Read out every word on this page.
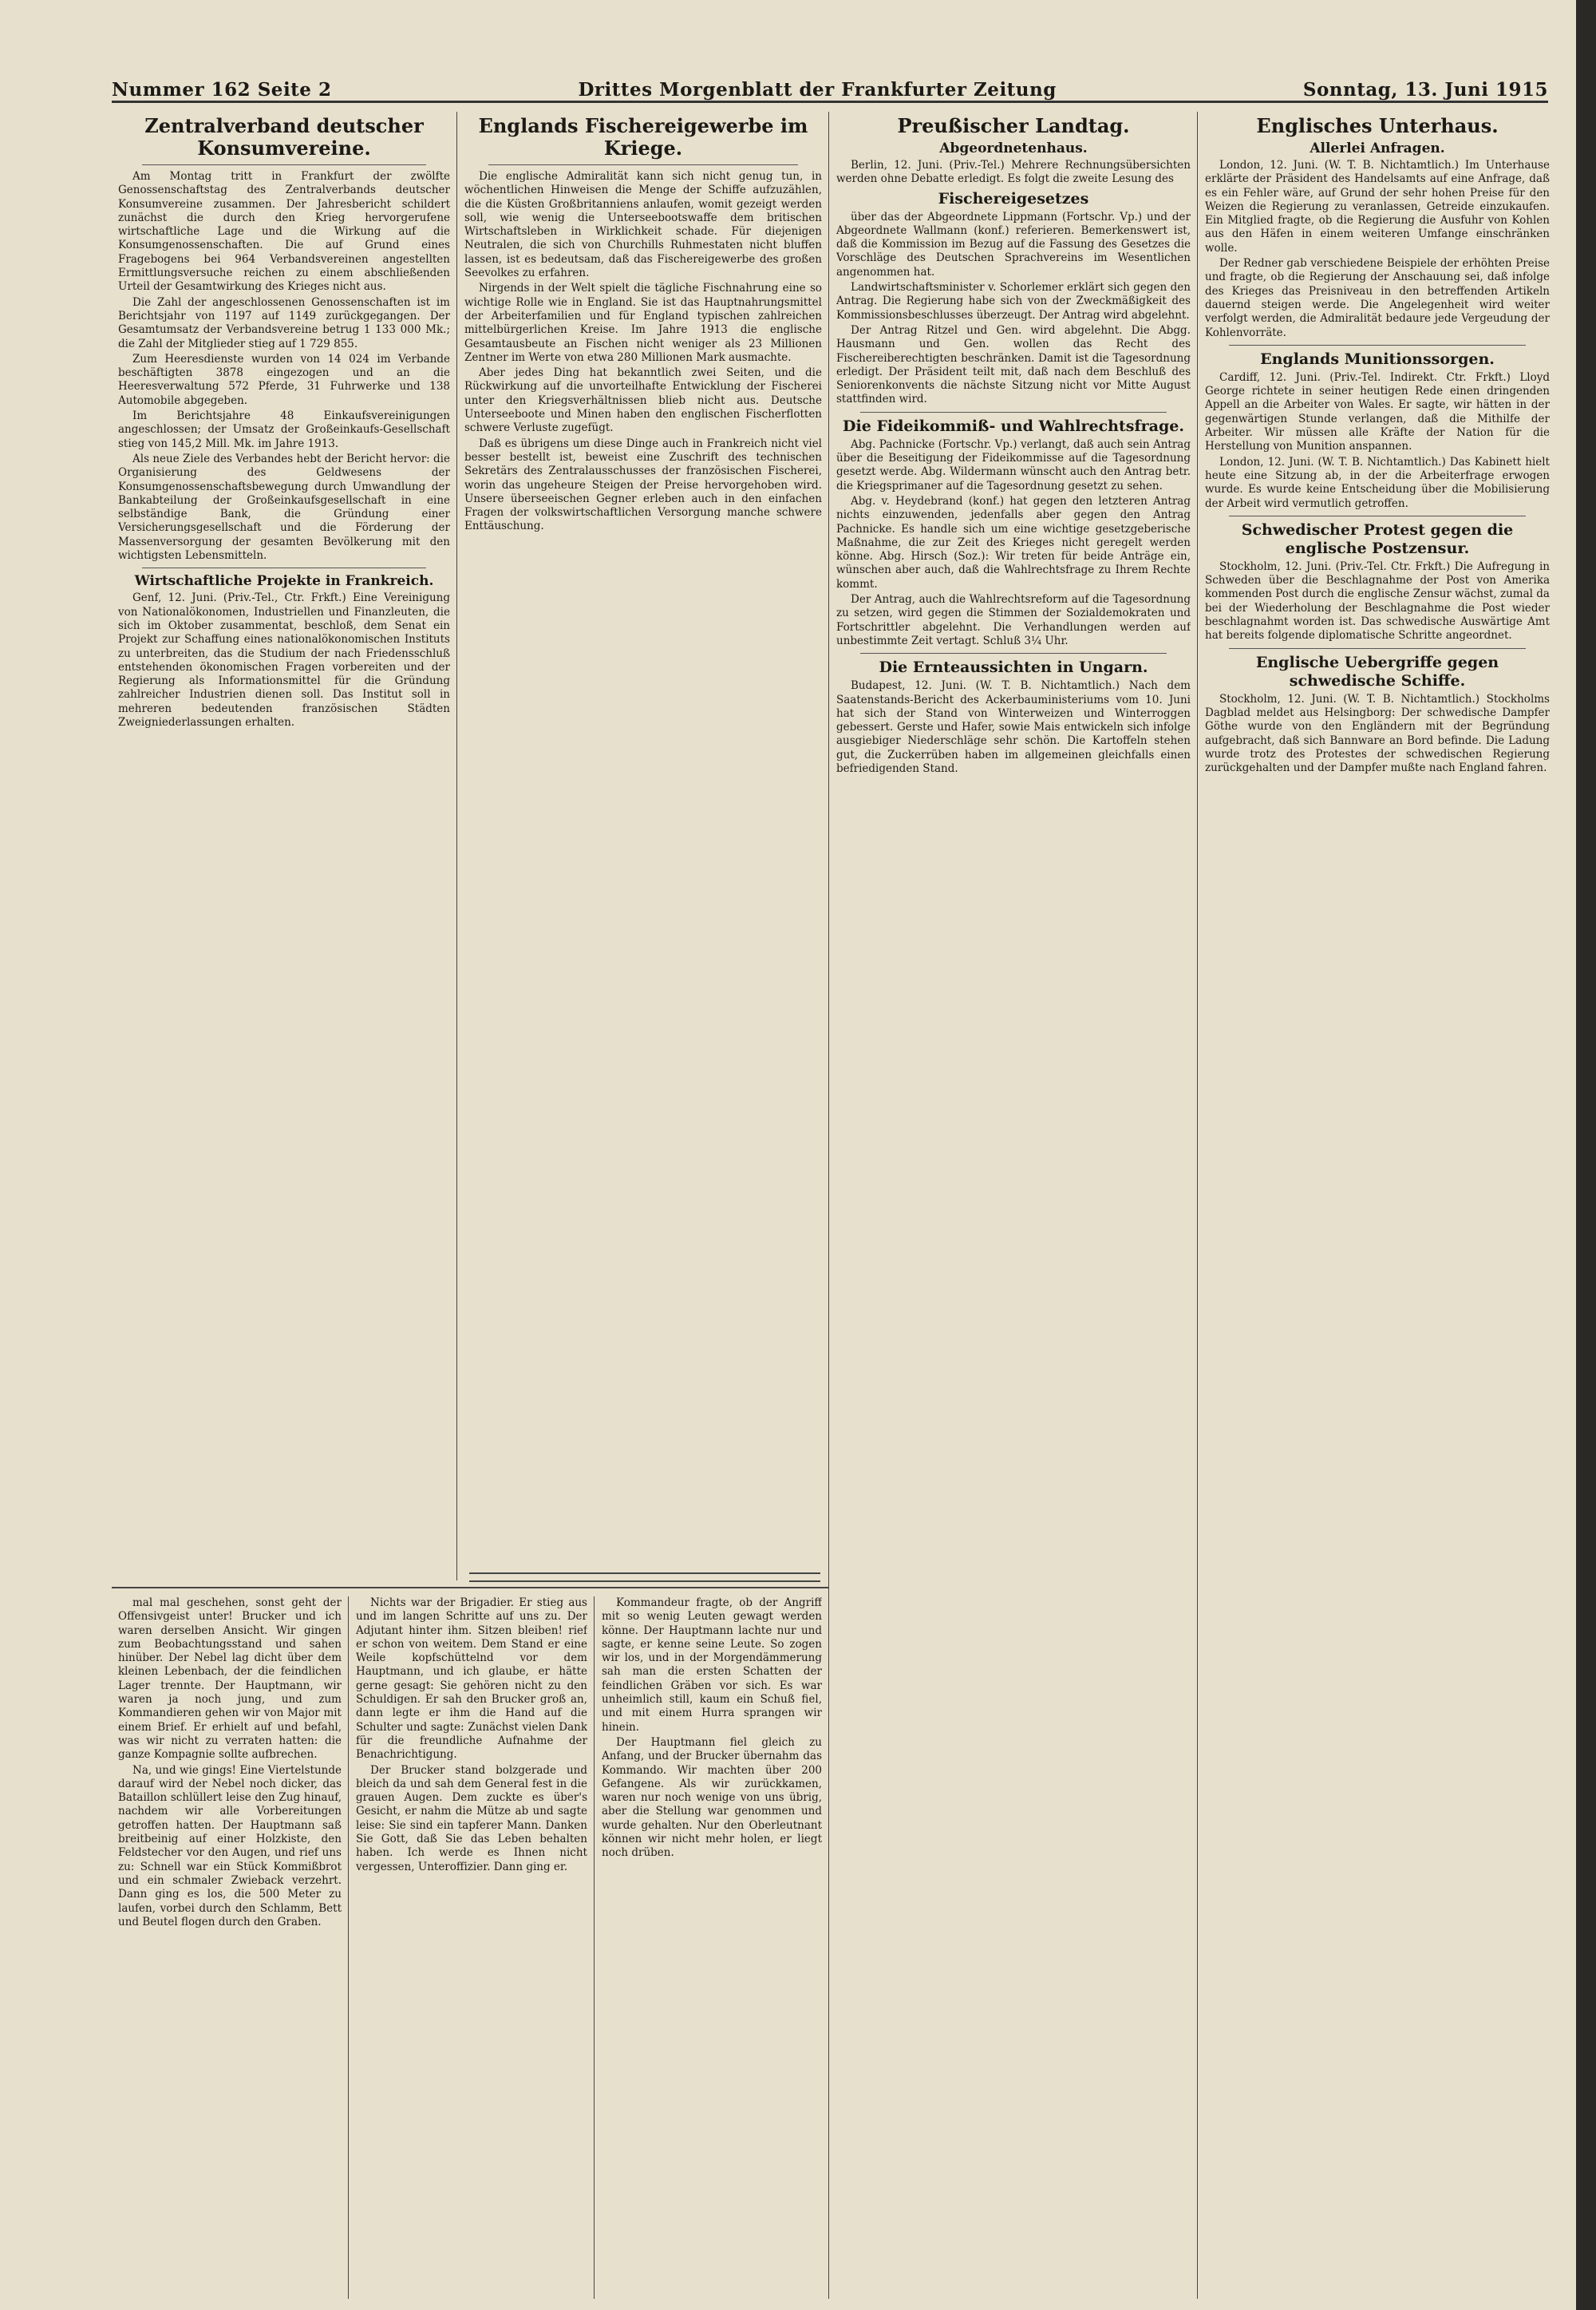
Nummer 162 Seite 2	Drittes Morgenblatt der Frankfurter Zeitung	Sonntag, 13. Juni 1915
Zentralverband deutscher Konsumvereine.

Am Montag tritt in Frankfurt der zwölfte Genossenschaftstag des Zentralverbands deutscher Konsumvereine zusammen. Der Jahresbericht schildert zunächst die durch den Krieg hervorgerufene wirtschaftliche Lage und die Wirkung auf die Konsumgenossenschaften. Die auf Grund eines Fragebogens bei 964 Verbandsvereinen angestellten Ermittlungsversuche reichen zu einem abschließenden Urteil der Gesamtwirkung des Krieges nicht aus.

Die Zahl der angeschlossenen Genossenschaften ist im Berichtsjahr von 1197 auf 1149 zurückgegangen. Der Gesamtumsatz der Verbandsvereine betrug 1 133 000 Mk.; die Zahl der Mitglieder stieg auf 1 729 855.

Zum Heeresdienste wurden von 14 024 im Verbande beschäftigten 3878 eingezogen und an die Heeresverwaltung 572 Pferde, 31 Fuhrwerke und 138 Automobile abgegeben.

Im Berichtsjahre 48 Einkaufsvereinigungen angeschlossen; der Umsatz der Großeinkaufs-Gesellschaft stieg von 145,2 Mill. Mk. im Jahre 1913.

Als neue Ziele des Verbandes hebt der Bericht hervor: die Organisierung des Geldwesens der Konsumgenossenschaftsbewegung durch Umwandlung der Bankabteilung der Großeinkaufsgesellschaft in eine selbständige Bank, die Gründung einer Versicherungsgesellschaft und die Förderung der Massenversorgung der gesamten Bevölkerung mit den wichtigsten Lebensmitteln.

Wirtschaftliche Projekte in Frankreich.

Genf, 12. Juni. (Priv.-Tel., Ctr. Frkft.) Eine Vereinigung von Nationalökonomen, Industriellen und Finanzleuten, die sich im Oktober zusammentat, beschloß, dem Senat ein Projekt zur Schaffung eines nationalökonomischen Instituts zu unterbreiten, das die Studium der nach Friedensschluß entstehenden ökonomischen Fragen vorbereiten und der Regierung als Informationsmittel für die Gründung zahlreicher Industrien dienen soll. Das Institut soll in mehreren bedeutenden französischen Städten Zweigniederlassungen erhalten.

Englands Fischereigewerbe im Kriege.

Die englische Admiralität kann sich nicht genug tun, in wöchentlichen Hinweisen die Menge der Schiffe aufzuzählen, die die Küsten Großbritanniens anlaufen, womit gezeigt werden soll, wie wenig die Unterseebootswaffe dem britischen Wirtschaftsleben in Wirklichkeit schade. Für diejenigen Neutralen, die sich von Churchills Ruhmestaten nicht bluffen lassen, ist es bedeutsam, daß das Fischereigewerbe des großen Seevolkes zu erfahren.

Nirgends in der Welt spielt die tägliche Fischnahrung eine so wichtige Rolle wie in England. Sie ist das Hauptnahrungsmittel der Arbeiterfamilien und für England typischen zahlreichen mittelbürgerlichen Kreise. Im Jahre 1913 die englische Gesamtausbeute an Fischen nicht weniger als 23 Millionen Zentner im Werte von etwa 280 Millionen Mark ausmachte.

Aber jedes Ding hat bekanntlich zwei Seiten, und die Rückwirkung auf die unvorteilhafte Entwicklung der Fischerei unter den Kriegsverhältnissen blieb nicht aus. Deutsche Unterseeboote und Minen haben den englischen Fischerflotten schwere Verluste zugefügt.

Daß es übrigens um diese Dinge auch in Frankreich nicht viel besser bestellt ist, beweist eine Zuschrift des technischen Sekretärs des Zentralausschusses der französischen Fischerei, worin das ungeheure Steigen der Preise hervorgehoben wird. Unsere überseeischen Gegner erleben auch in den einfachen Fragen der volkswirtschaftlichen Versorgung manche schwere Enttäuschung.

mal mal geschehen, sonst geht der Offensivgeist unter! Brucker und ich waren derselben Ansicht. Wir gingen zum Beobachtungsstand und sahen hinüber. Der Nebel lag dicht über dem kleinen Lebenbach, der die feindlichen Lager trennte. Der Hauptmann, wir waren ja noch jung, und zum Kommandieren gehen wir von Major mit einem Brief. Er erhielt auf und befahl, was wir nicht zu verraten hatten: die ganze Kompagnie sollte aufbrechen.

Na, und wie gings! Eine Viertelstunde darauf wird der Nebel noch dicker, das Bataillon schlüllert leise den Zug hinauf, nachdem wir alle Vorbereitungen getroffen hatten. Der Hauptmann saß breitbeinig auf einer Holzkiste, den Feldstecher vor den Augen, und rief uns zu: Schnell war ein Stück Kommißbrot und ein schmaler Zwieback verzehrt. Dann ging es los, die 500 Meter zu laufen, vorbei durch den Schlamm, Bett und Beutel flogen durch den Graben.

Nichts war der Brigadier. Er stieg aus und im langen Schritte auf uns zu. Der Adjutant hinter ihm. Sitzen bleiben! rief er schon von weitem. Dem Stand er eine Weile kopfschüttelnd vor dem Hauptmann, und ich glaube, er hätte gerne gesagt: Sie gehören nicht zu den Schuldigen. Er sah den Brucker groß an, dann legte er ihm die Hand auf die Schulter und sagte: Zunächst vielen Dank für die freundliche Aufnahme der Benachrichtigung.

Der Brucker stand bolzgerade und bleich da und sah dem General fest in die grauen Augen. Dem zuckte es über's Gesicht, er nahm die Mütze ab und sagte leise: Sie sind ein tapferer Mann. Danken Sie Gott, daß Sie das Leben behalten haben. Ich werde es Ihnen nicht vergessen, Unteroffizier. Dann ging er.

Kommandeur fragte, ob der Angriff mit so wenig Leuten gewagt werden könne. Der Hauptmann lachte nur und sagte, er kenne seine Leute. So zogen wir los, und in der Morgendämmerung sah man die ersten Schatten der feindlichen Gräben vor sich. Es war unheimlich still, kaum ein Schuß fiel, und mit einem Hurra sprangen wir hinein.

Der Hauptmann fiel gleich zu Anfang, und der Brucker übernahm das Kommando. Wir machten über 200 Gefangene. Als wir zurückkamen, waren nur noch wenige von uns übrig, aber die Stellung war genommen und wurde gehalten. Nur den Oberleutnant können wir nicht mehr holen, er liegt noch drüben.

Preußischer Landtag.
Abgeordnetenhaus.

Berlin, 12. Juni. (Priv.-Tel.) Mehrere Rechnungsübersichten werden ohne Debatte erledigt. Es folgt die zweite Lesung des

Fischereigesetzes

über das der Abgeordnete Lippmann (Fortschr. Vp.) und der Abgeordnete Wallmann (konf.) referieren. Bemerkenswert ist, daß die Kommission im Bezug auf die Fassung des Gesetzes die Vorschläge des Deutschen Sprachvereins im Wesentlichen angenommen hat.

Landwirtschaftsminister v. Schorlemer erklärt sich gegen den Antrag. Die Regierung habe sich von der Zweckmäßigkeit des Kommissionsbeschlusses überzeugt. Der Antrag wird abgelehnt.

Der Antrag Ritzel und Gen. wird abgelehnt. Die Abgg. Hausmann und Gen. wollen das Recht des Fischereiberechtigten beschränken. Damit ist die Tagesordnung erledigt. Der Präsident teilt mit, daß nach dem Beschluß des Seniorenkonvents die nächste Sitzung nicht vor Mitte August stattfinden wird.

Die Fideikommiß- und Wahlrechtsfrage.

Abg. Pachnicke (Fortschr. Vp.) verlangt, daß auch sein Antrag über die Beseitigung der Fideikommisse auf die Tagesordnung gesetzt werde. Abg. Wildermann wünscht auch den Antrag betr. die Kriegsprimaner auf die Tagesordnung gesetzt zu sehen.

Abg. v. Heydebrand (konf.) hat gegen den letzteren Antrag nichts einzuwenden, jedenfalls aber gegen den Antrag Pachnicke. Es handle sich um eine wichtige gesetzgeberische Maßnahme, die zur Zeit des Krieges nicht geregelt werden könne. Abg. Hirsch (Soz.): Wir treten für beide Anträge ein, wünschen aber auch, daß die Wahlrechtsfrage zu Ihrem Rechte kommt.

Der Antrag, auch die Wahlrechtsreform auf die Tagesordnung zu setzen, wird gegen die Stimmen der Sozialdemokraten und Fortschrittler abgelehnt. Die Verhandlungen werden auf unbestimmte Zeit vertagt. Schluß 3¼ Uhr.

Die Ernteaussichten in Ungarn.

Budapest, 12. Juni. (W. T. B. Nichtamtlich.) Nach dem Saatenstands-Bericht des Ackerbauministeriums vom 10. Juni hat sich der Stand von Winterweizen und Winterroggen gebessert. Gerste und Hafer, sowie Mais entwickeln sich infolge ausgiebiger Niederschläge sehr schön. Die Kartoffeln stehen gut, die Zuckerrüben haben im allgemeinen gleichfalls einen befriedigenden Stand.

Englisches Unterhaus.
Allerlei Anfragen.

London, 12. Juni. (W. T. B. Nichtamtlich.) Im Unterhause erklärte der Präsident des Handelsamts auf eine Anfrage, daß es ein Fehler wäre, auf Grund der sehr hohen Preise für den Weizen die Regierung zu veranlassen, Getreide einzukaufen. Ein Mitglied fragte, ob die Regierung die Ausfuhr von Kohlen aus den Häfen in einem weiteren Umfange einschränken wolle.

Der Redner gab verschiedene Beispiele der erhöhten Preise und fragte, ob die Regierung der Anschauung sei, daß infolge des Krieges das Preisniveau in den betreffenden Artikeln dauernd steigen werde. Die Angelegenheit wird weiter verfolgt werden, die Admiralität bedaure jede Vergeudung der Kohlenvorräte.

Englands Munitionssorgen.

Cardiff, 12. Juni. (Priv.-Tel. Indirekt. Ctr. Frkft.) Lloyd George richtete in seiner heutigen Rede einen dringenden Appell an die Arbeiter von Wales. Er sagte, wir hätten in der gegenwärtigen Stunde verlangen, daß die Mithilfe der Arbeiter. Wir müssen alle Kräfte der Nation für die Herstellung von Munition anspannen.

London, 12. Juni. (W. T. B. Nichtamtlich.) Das Kabinett hielt heute eine Sitzung ab, in der die Arbeiterfrage erwogen wurde. Es wurde keine Entscheidung über die Mobilisierung der Arbeit wird vermutlich getroffen.

Schwedischer Protest gegen die englische Postzensur.

Stockholm, 12. Juni. (Priv.-Tel. Ctr. Frkft.) Die Aufregung in Schweden über die Beschlagnahme der Post von Amerika kommenden Post durch die englische Zensur wächst, zumal da bei der Wiederholung der Beschlagnahme die Post wieder beschlagnahmt worden ist. Das schwedische Auswärtige Amt hat bereits folgende diplomatische Schritte angeordnet.

Englische Uebergriffe gegen schwedische Schiffe.

Stockholm, 12. Juni. (W. T. B. Nichtamtlich.) Stockholms Dagblad meldet aus Helsingborg: Der schwedische Dampfer Göthe wurde von den Engländern mit der Begründung aufgebracht, daß sich Bannware an Bord befinde. Die Ladung wurde trotz des Protestes der schwedischen Regierung zurückgehalten und der Dampfer mußte nach England fahren.
